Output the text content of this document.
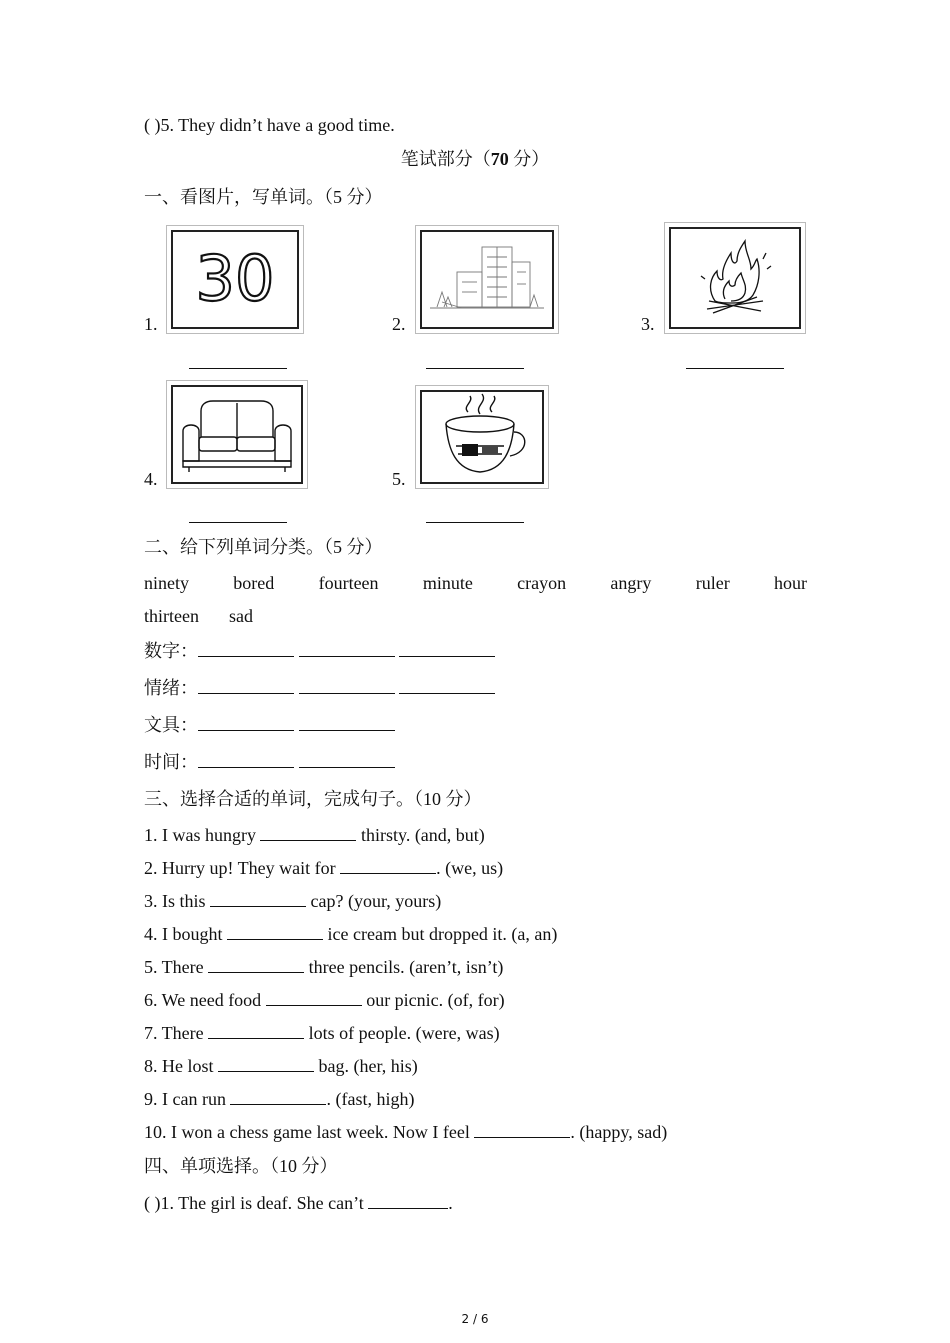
( )5. They didn’t have a good time.
笔试部分（70 分）
一、看图片，写单词。（5 分）
1.
30
2.	3.
4.	5.
二、给下列单词分类。（5 分）
ninety bored fourteen minute crayon angry ruler hour
thirteen sad
数字：
情绪：
文具：
时间：
三、选择合适的单词，完成句子。（10 分）
1. I was hungry	thirsty. (and, but)
2. Hurry up! They wait for	. (we, us)
3. Is this	cap? (your, yours)
4. I bought	ice cream but dropped it. (a, an)
5. There	three pencils. (aren’t, isn’t)
6. We need food	our picnic. (of, for)
7. There	lots of people. (were, was)
8. He lost	bag. (her, his)
9. I can run	. (fast, high)
10. I won a chess game last week. Now I feel	. (happy, sad)
四、单项选择。（10 分）
( )1. The girl is deaf. She can’t	.
2 / 6
